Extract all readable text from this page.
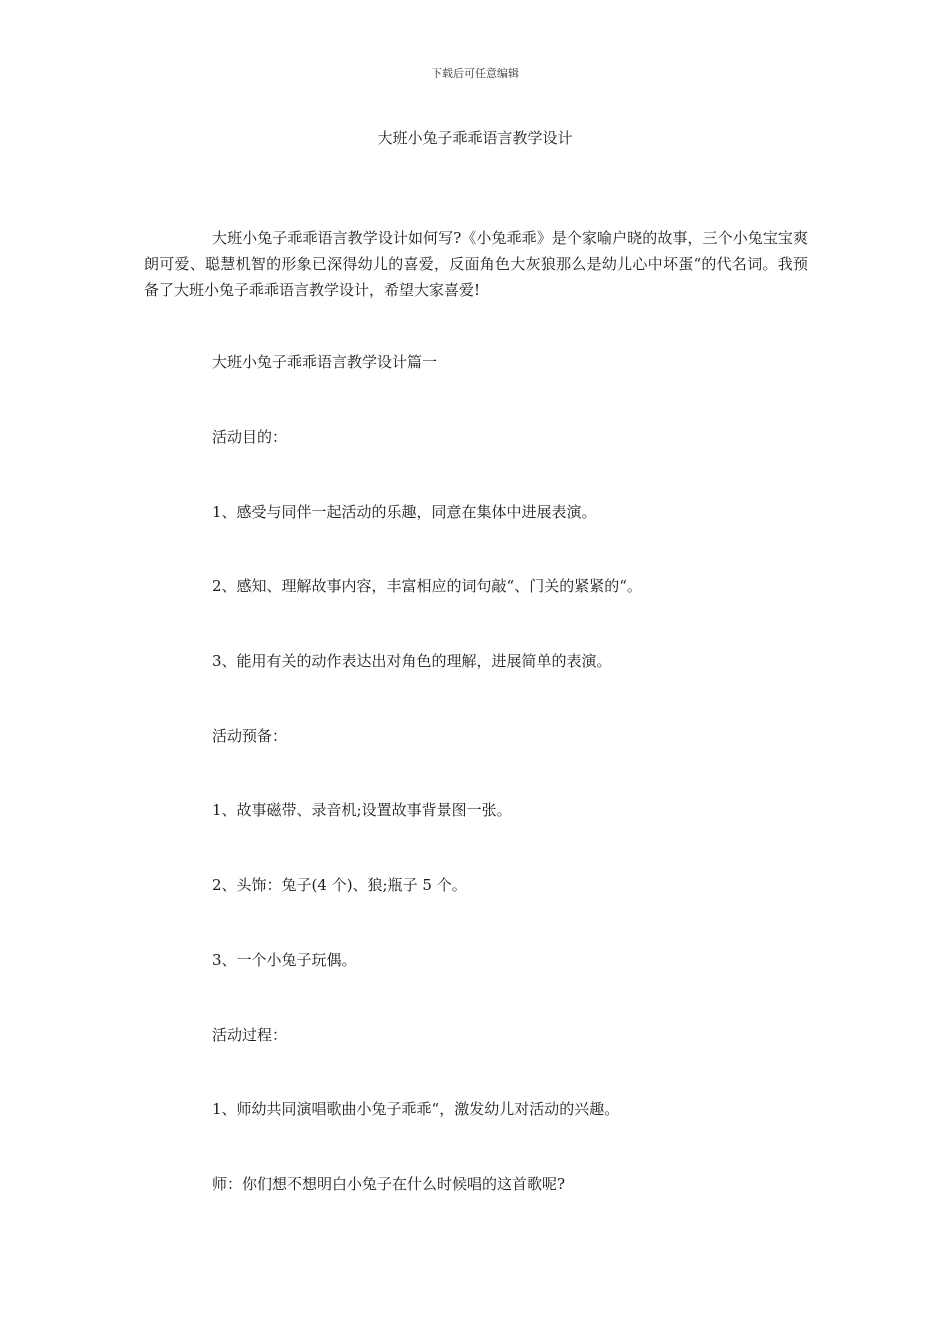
下载后可任意编辑
大班小兔子乖乖语言教学设计
大班小兔子乖乖语言教学设计如何写?《小兔乖乖》是个家喻户晓的故事，三个小兔宝宝爽朗可爱、聪慧机智的形象已深得幼儿的喜爱，反面角色大灰狼那么是幼儿心中坏蛋“的代名词。我预备了大班小兔子乖乖语言教学设计，希望大家喜爱!
大班小兔子乖乖语言教学设计篇一
活动目的：
1、感受与同伴一起活动的乐趣，同意在集体中进展表演。
2、感知、理解故事内容，丰富相应的词句敲“、门关的紧紧的“。
3、能用有关的动作表达出对角色的理解，进展简单的表演。
活动预备：
1、故事磁带、录音机;设置故事背景图一张。
2、头饰：兔子(4 个)、狼;瓶子 5 个。
3、一个小兔子玩偶。
活动过程：
1、师幼共同演唱歌曲小兔子乖乖“，激发幼儿对活动的兴趣。
师：你们想不想明白小兔子在什么时候唱的这首歌呢?
